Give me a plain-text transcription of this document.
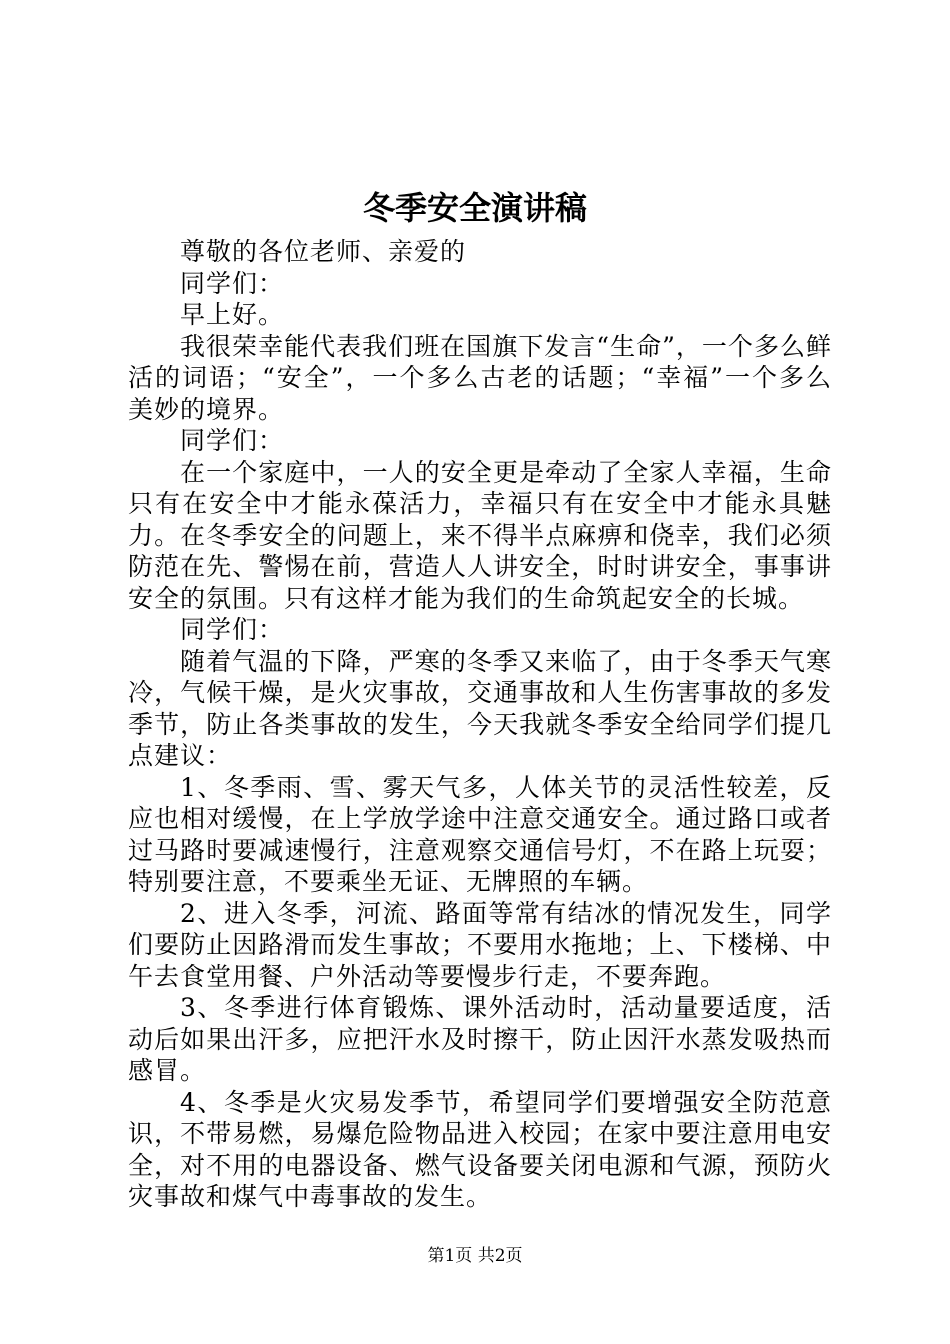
冬季安全演讲稿

尊敬的各位老师、亲爱的

同学们：

早上好。

我很荣幸能代表我们班在国旗下发言“生命”，一个多么鲜活的词语；“安全”，一个多么古老的话题；“幸福”一个多么美妙的境界。

同学们：

在一个家庭中，一人的安全更是牵动了全家人幸福，生命只有在安全中才能永葆活力，幸福只有在安全中才能永具魅力。在冬季安全的问题上，来不得半点麻痹和侥幸，我们必须防范在先、警惕在前，营造人人讲安全，时时讲安全，事事讲安全的氛围。只有这样才能为我们的生命筑起安全的长城。

同学们：

随着气温的下降，严寒的冬季又来临了，由于冬季天气寒冷，气候干燥，是火灾事故，交通事故和人生伤害事故的多发季节，防止各类事故的发生，今天我就冬季安全给同学们提几点建议：

1、冬季雨、雪、雾天气多，人体关节的灵活性较差，反应也相对缓慢，在上学放学途中注意交通安全。通过路口或者过马路时要减速慢行，注意观察交通信号灯，不在路上玩耍；特别要注意，不要乘坐无证、无牌照的车辆。

2、进入冬季，河流、路面等常有结冰的情况发生，同学们要防止因路滑而发生事故；不要用水拖地；上、下楼梯、中午去食堂用餐、户外活动等要慢步行走，不要奔跑。

3、冬季进行体育锻炼、课外活动时，活动量要适度，活动后如果出汗多，应把汗水及时擦干，防止因汗水蒸发吸热而感冒。

4、冬季是火灾易发季节，希望同学们要增强安全防范意识，不带易燃，易爆危险物品进入校园；在家中要注意用电安全，对不用的电器设备、燃气设备要关闭电源和气源，预防火灾事故和煤气中毒事故的发生。

第1页 共2页
